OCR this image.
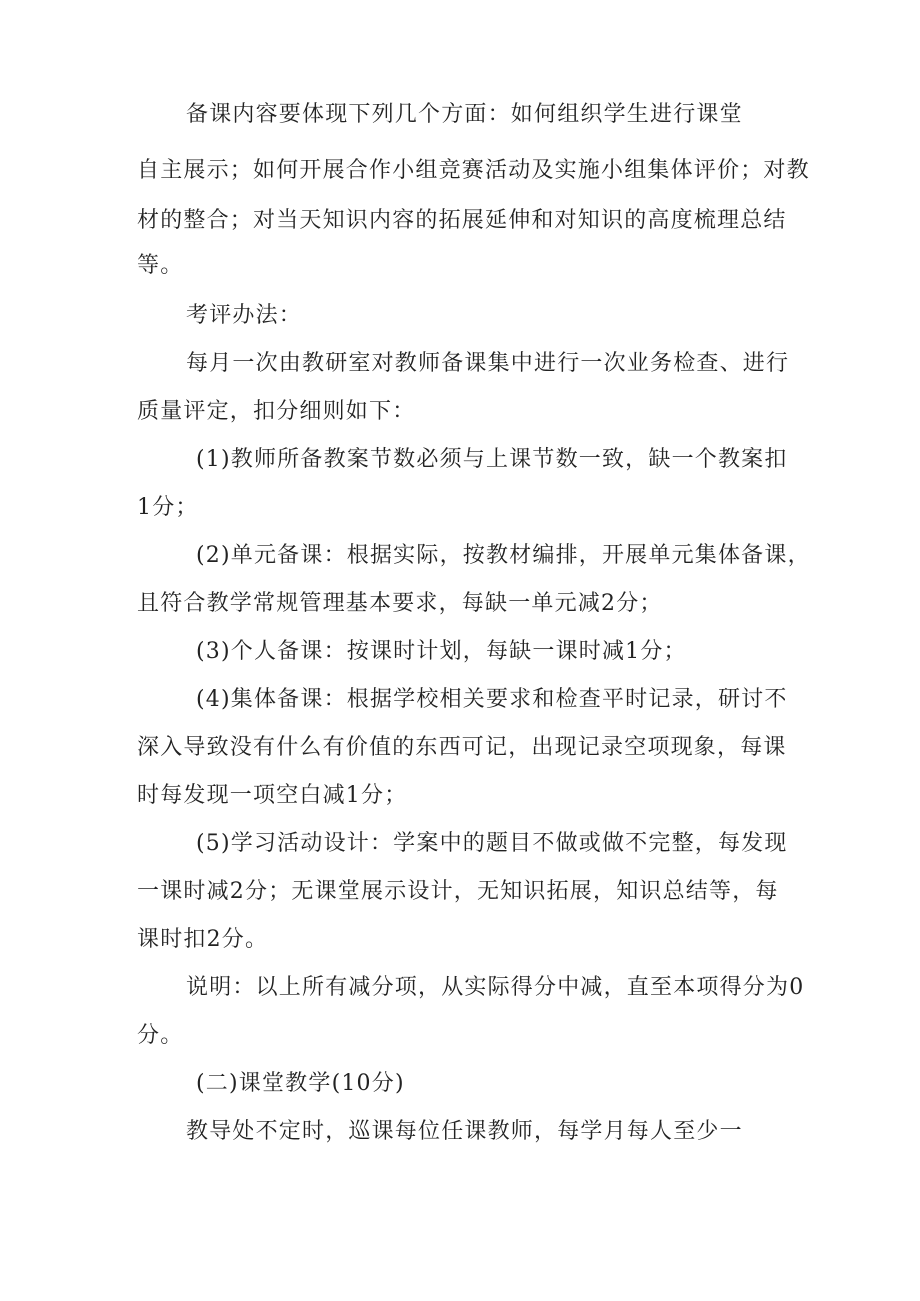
备课内容要体现下列几个方面：如何组织学生进行课堂
自主展示；如何开展合作小组竞赛活动及实施小组集体评价；对教
材的整合；对当天知识内容的拓展延伸和对知识的高度梳理总结
等。
考评办法：
每月一次由教研室对教师备课集中进行一次业务检查、进行
质量评定，扣分细则如下：
(1)教师所备教案节数必须与上课节数一致，缺一个教案扣
1分；
(2)单元备课：根据实际，按教材编排，开展单元集体备课，
且符合教学常规管理基本要求，每缺一单元减2分；
(3)个人备课：按课时计划，每缺一课时减1分；
(4)集体备课：根据学校相关要求和检查平时记录，研讨不
深入导致没有什么有价值的东西可记，出现记录空项现象，每课
时每发现一项空白减1分；
(5)学习活动设计：学案中的题目不做或做不完整，每发现
一课时减2分；无课堂展示设计，无知识拓展，知识总结等，每
课时扣2分。
说明：以上所有减分项，从实际得分中减，直至本项得分为0
分。
(二)课堂教学(10分)
教导处不定时，巡课每位任课教师，每学月每人至少一
